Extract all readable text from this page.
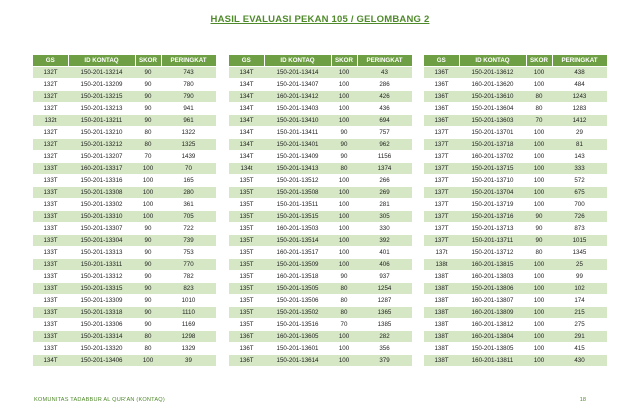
HASIL EVALUASI PEKAN 105 / GELOMBANG 2
GS	ID KONTAQ	SKOR	PERINGKAT
132T	150-201-13214	90	743
132T	150-201-13209	90	780
132T	150-201-13215	90	790
132T	150-201-13213	90	941
132t	150-201-13211	90	961
132T	150-201-13210	80	1322
132T	150-201-13212	80	1325
132T	150-201-13207	70	1439
133T	160-201-13317	100	70
133T	150-201-13316	100	165
133T	150-201-13308	100	280
133T	150-201-13302	100	361
133T	150-201-13310	100	705
133T	150-201-13307	90	722
133T	150-201-13304	90	739
133T	150-201-13313	90	753
133T	150-201-13311	90	770
133T	150-201-13312	90	782
133T	150-201-13315	90	823
133T	150-201-13309	90	1010
133T	150-201-13318	90	1110
133T	150-201-13306	90	1169
133T	150-201-13314	80	1298
133T	150-201-13320	80	1329
134T	150-201-13406	100	39
GS	ID KONTAQ	SKOR	PERINGKAT
134T	150-201-13414	100	43
134T	150-201-13407	100	286
134T	160-201-13412	100	426
134T	150-201-13403	100	436
134T	150-201-13410	100	694
134T	150-201-13411	90	757
134T	150-201-13401	90	962
134T	150-201-13409	90	1156
134t	150-201-13413	80	1374
135T	150-201-13512	100	266
135T	150-201-13508	100	269
135T	150-201-13511	100	281
135T	150-201-13515	100	305
135T	160-201-13503	100	330
135T	150-201-13514	100	392
135T	160-201-13517	100	401
135T	150-201-13509	100	406
135T	160-201-13518	90	937
135T	150-201-13505	80	1254
135T	150-201-13506	80	1287
135T	150-201-13502	80	1365
135T	150-201-13516	70	1385
136T	160-201-13605	100	282
136T	150-201-13601	100	356
136T	150-201-13614	100	379
GS	ID KONTAQ	SKOR	PERINGKAT
136T	150-201-13612	100	438
136T	160-201-13620	100	484
136T	150-201-13610	80	1243
136T	150-201-13604	80	1283
136T	150-201-13603	70	1412
137T	150-201-13701	100	29
137T	150-201-13718	100	81
137T	160-201-13702	100	143
137T	150-201-13715	100	333
137T	150-201-13710	100	572
137T	150-201-13704	100	675
137T	150-201-13719	100	700
137T	150-201-13716	90	726
137T	150-201-13713	90	873
137T	150-201-13711	90	1015
137t	150-201-13712	80	1345
138t	160-201-13815	100	25
138T	160-201-13803	100	99
138T	150-201-13806	100	102
138T	160-201-13807	100	174
138T	160-201-13809	100	215
138T	160-201-13812	100	275
138T	160-201-13804	100	291
138T	150-201-13805	100	415
138T	160-201-13811	100	430
KOMUNITAS TADABBUR AL QUR'AN (KONTAQ)	18
